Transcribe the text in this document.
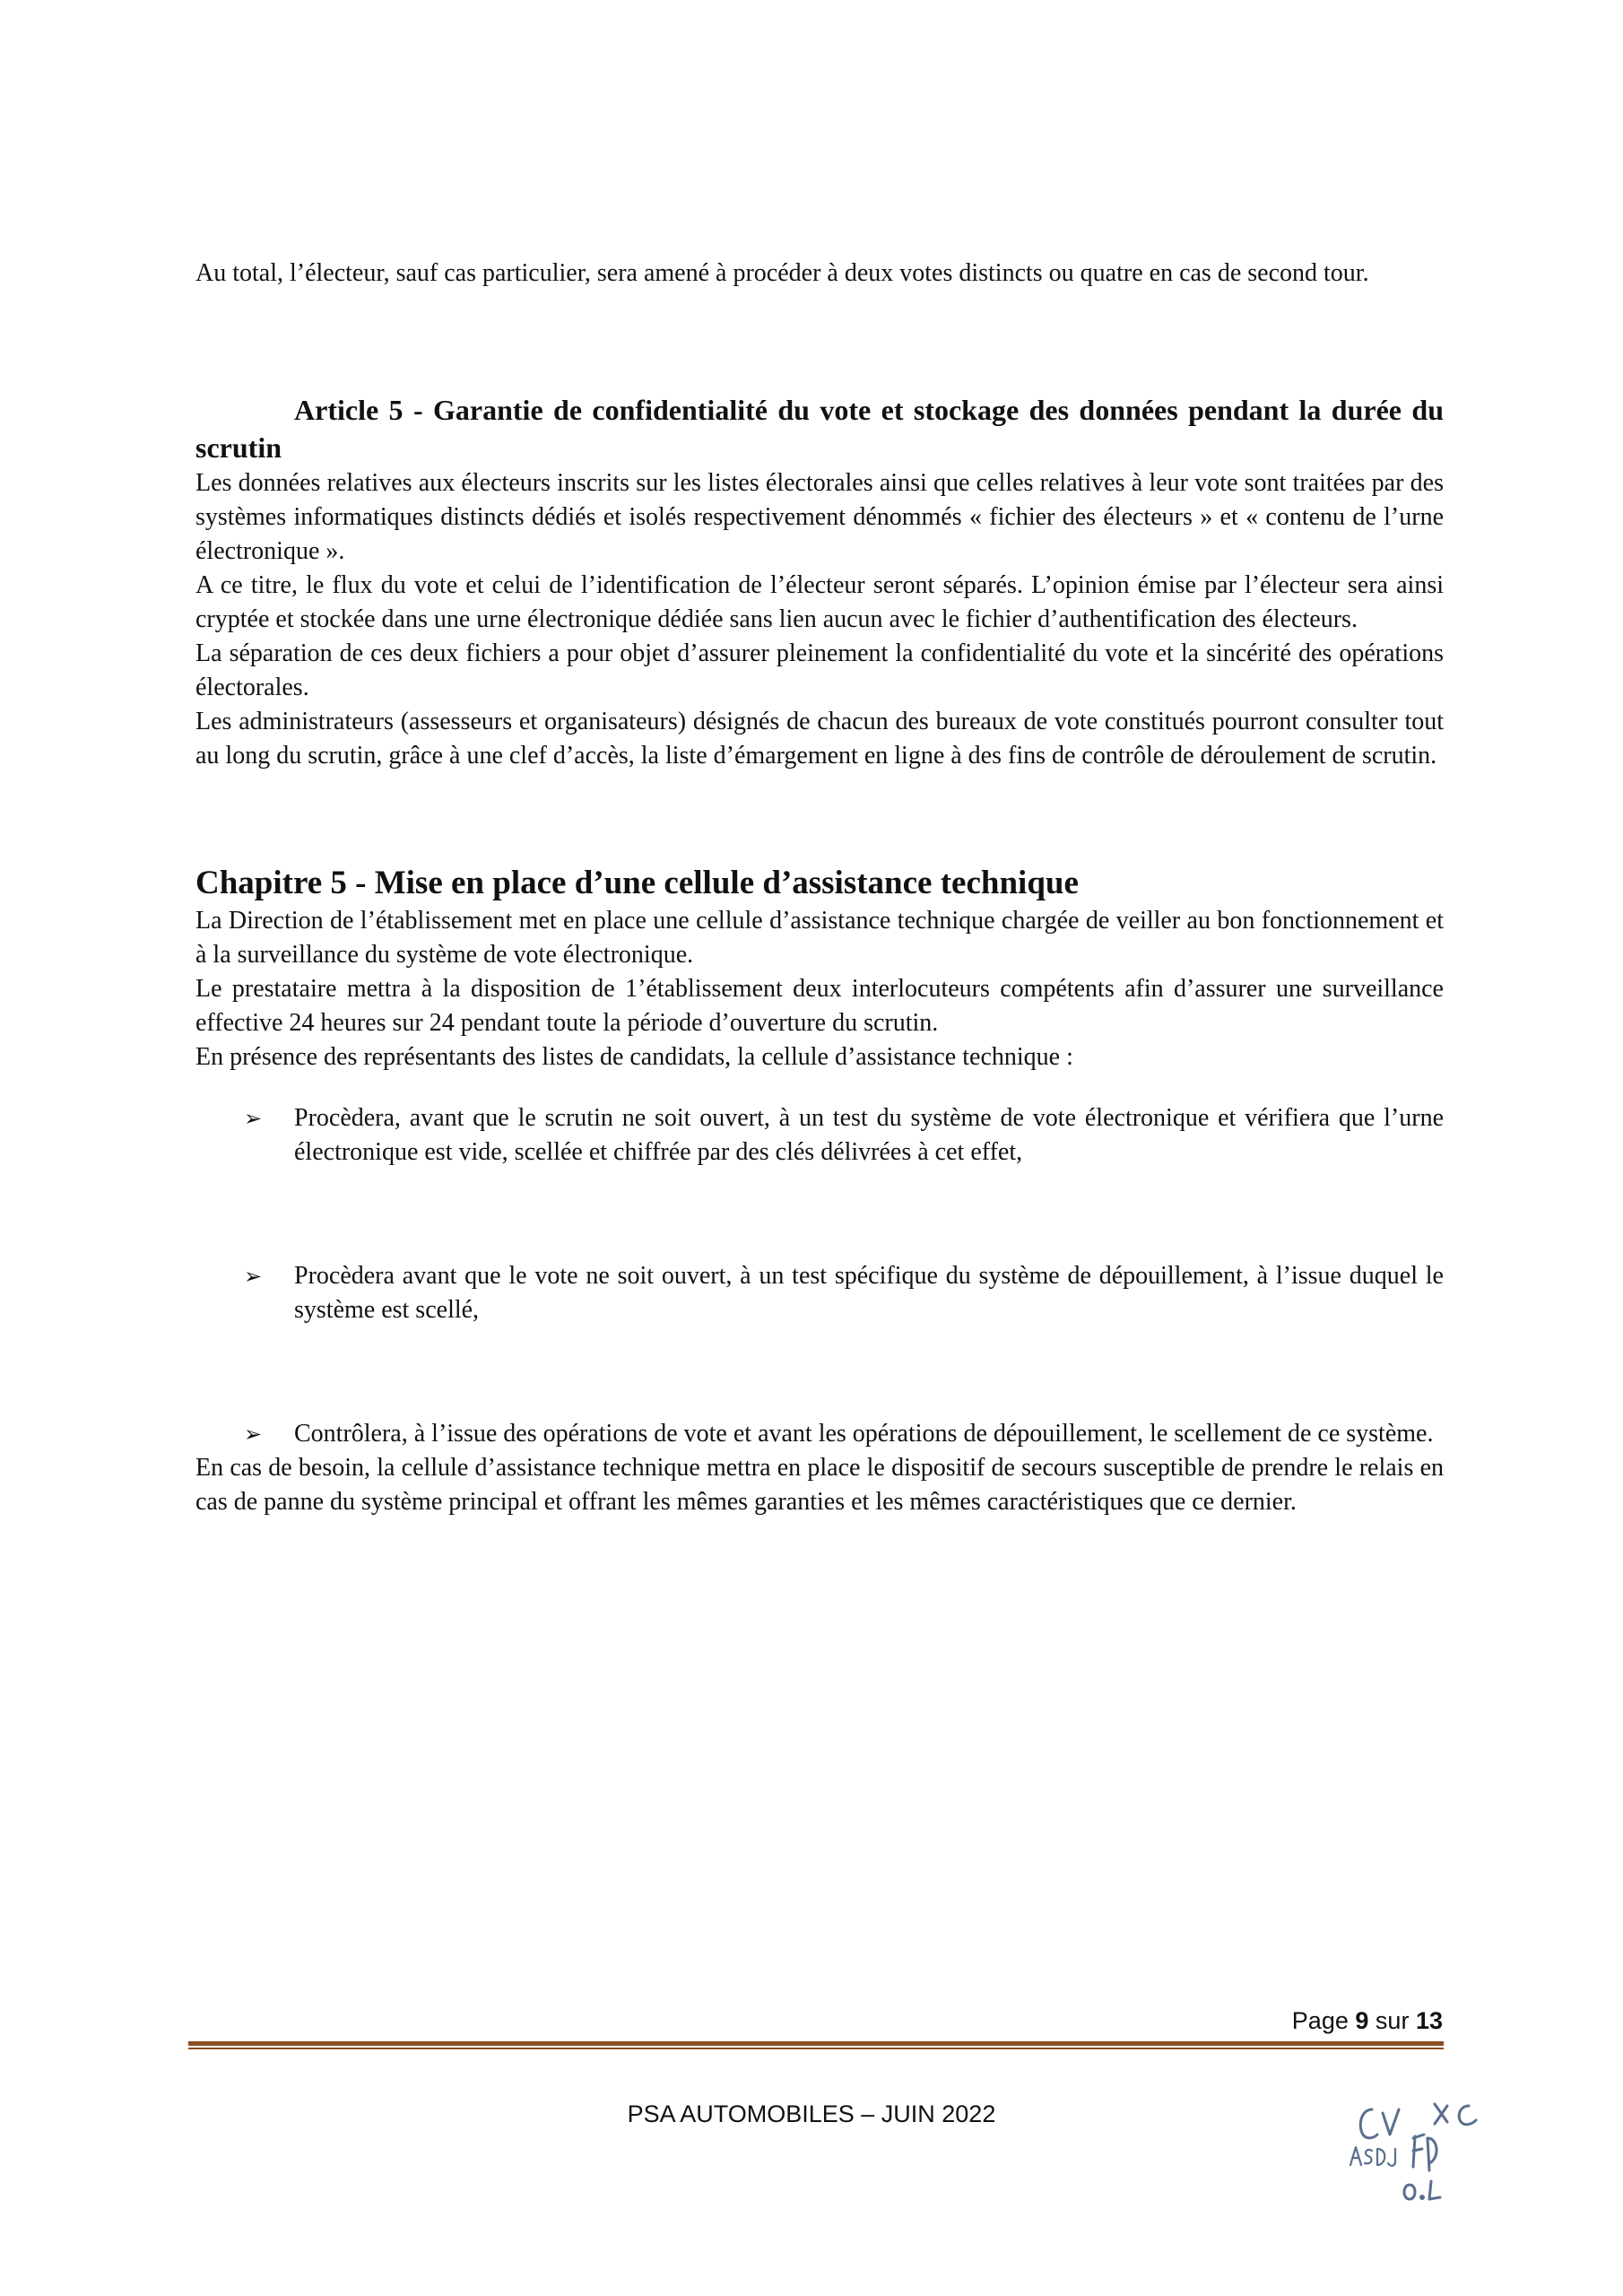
Au total, l’électeur, sauf cas particulier, sera amené à procéder à deux votes distincts ou quatre en cas de second tour.

Article 5 - Garantie de confidentialité du vote et stockage des données pendant la durée du scrutin

Les données relatives aux électeurs inscrits sur les listes électorales ainsi que celles relatives à leur vote sont traitées par des systèmes informatiques distincts dédiés et isolés respectivement dénommés « fichier des électeurs » et « contenu de l’urne électronique ».

A ce titre, le flux du vote et celui de l’identification de l’électeur seront séparés. L’opinion émise par l’électeur sera ainsi cryptée et stockée dans une urne électronique dédiée sans lien aucun avec le fichier d’authentification des électeurs.

La séparation de ces deux fichiers a pour objet d’assurer pleinement la confidentialité du vote et la sincérité des opérations électorales.

Les administrateurs (assesseurs et organisateurs) désignés de chacun des bureaux de vote constitués pourront consulter tout au long du scrutin, grâce à une clef d’accès, la liste d’émargement en ligne à des fins de contrôle de déroulement de scrutin.

Chapitre 5 - Mise en place d’une cellule d’assistance technique

La Direction de l’établissement met en place une cellule d’assistance technique chargée de veiller au bon fonctionnement et à la surveillance du système de vote électronique.

Le prestataire mettra à la disposition de 1’établissement deux interlocuteurs compétents afin d’assurer une surveillance effective 24 heures sur 24 pendant toute la période d’ouverture du scrutin.

En présence des représentants des listes de candidats, la cellule d’assistance technique :

➢ Procèdera, avant que le scrutin ne soit ouvert, à un test du système de vote électronique et vérifiera que l’urne électronique est vide, scellée et chiffrée par des clés délivrées à cet effet,
➢ Procèdera avant que le vote ne soit ouvert, à un test spécifique du système de dépouillement, à l’issue duquel le système est scellé,
➢ Contrôlera, à l’issue des opérations de vote et avant les opérations de dépouillement, le scellement de ce système.

En cas de besoin, la cellule d’assistance technique mettra en place le dispositif de secours susceptible de prendre le relais en cas de panne du système principal et offrant les mêmes garanties et les mêmes caractéristiques que ce dernier.

Page 9 sur 13
PSA AUTOMOBILES – JUIN 2022
